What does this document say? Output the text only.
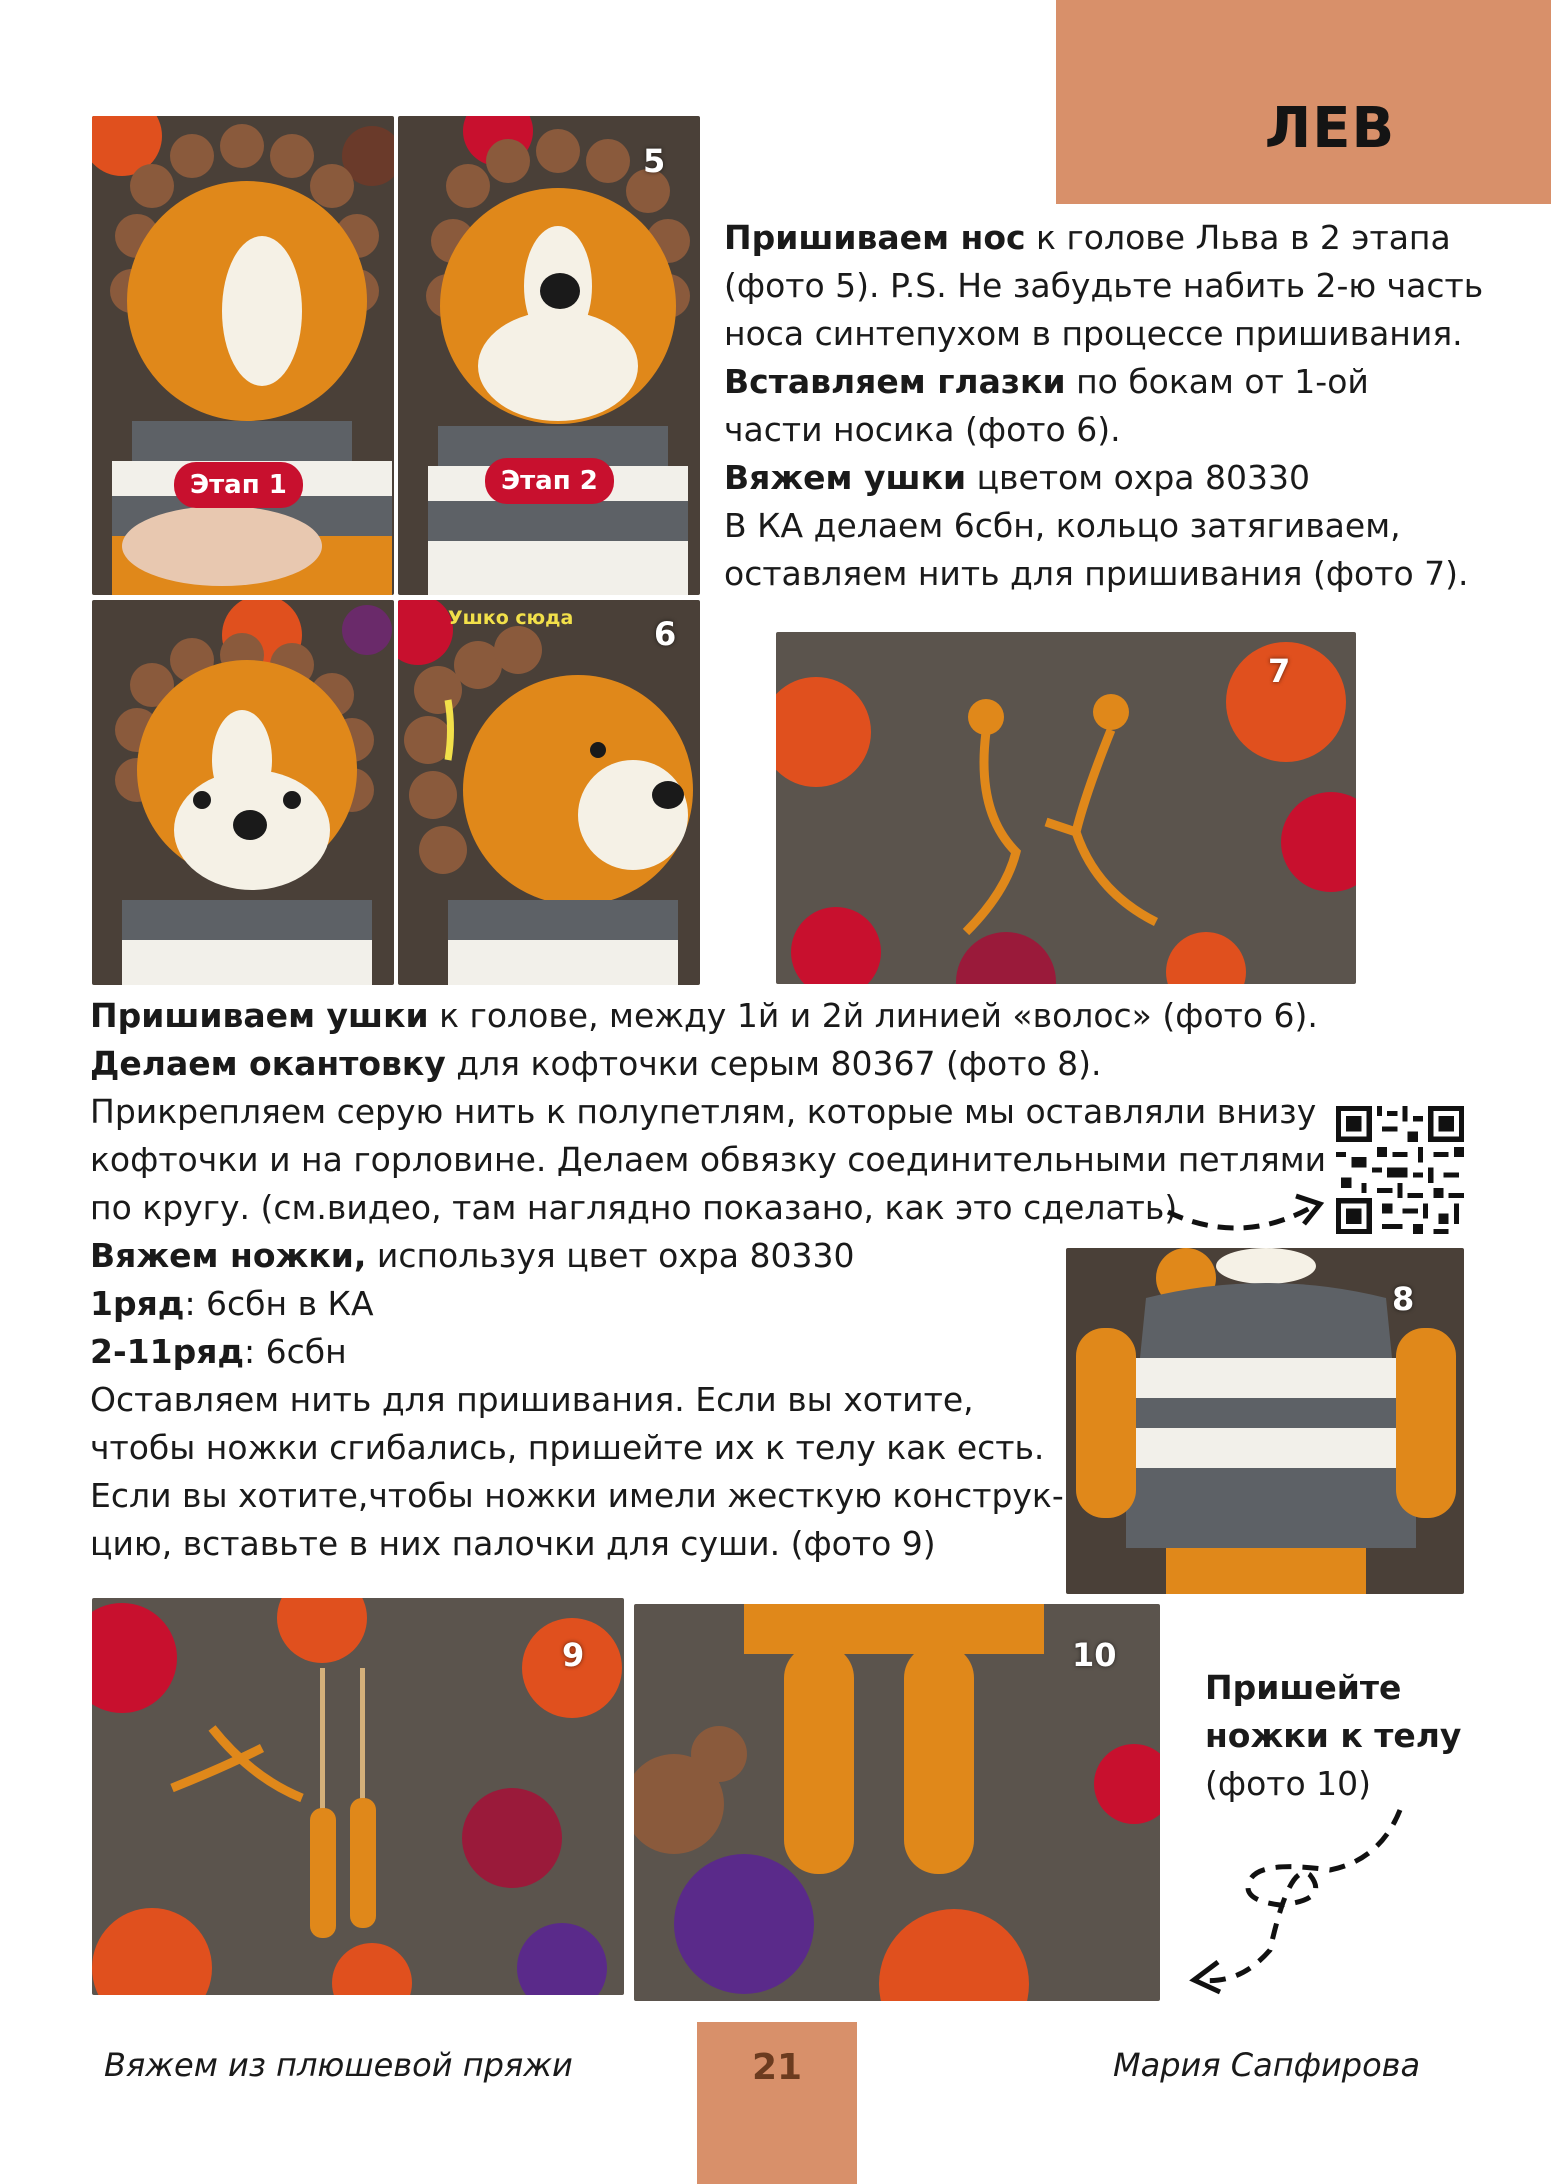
ЛЕВ
Этап 1
5
Этап 2
Ушко сюда	6
Пришиваем нос к голове Льва в 2 этапа
(фото 5). P.S. Не забудьте набить 2-ю часть
носа синтепухом в процессе пришивания.
Вставляем глазки по бокам от 1-ой
части носика (фото 6).
Вяжем ушки цветом охра 80330
В КА делаем 6сбн, кольцо затягиваем,
оставляем нить для пришивания (фото 7).
7
Пришиваем ушки к голове, между 1й и 2й линией «волос» (фото 6).
Делаем окантовку для кофточки серым 80367 (фото 8).
Прикрепляем серую нить к полупетлям, которые мы оставляли внизу
кофточки и на горловине. Делаем обвязку соединительными петлями
по кругу. (см.видео, там наглядно показано, как это сделать)
Вяжем ножки, используя цвет охра 80330
1ряд: 6сбн в КА
2-11ряд: 6сбн
Оставляем нить для пришивания. Если вы хотите,
чтобы ножки сгибались, пришейте их к телу как есть.
Если вы хотите,чтобы ножки имели жесткую конструк-
цию, вставьте в них палочки для суши. (фото 9)
8
9	10
Пришейте
ножки к телу
(фото 10)
Вяжем из плюшевой пряжи	21	Мария Сапфирова
